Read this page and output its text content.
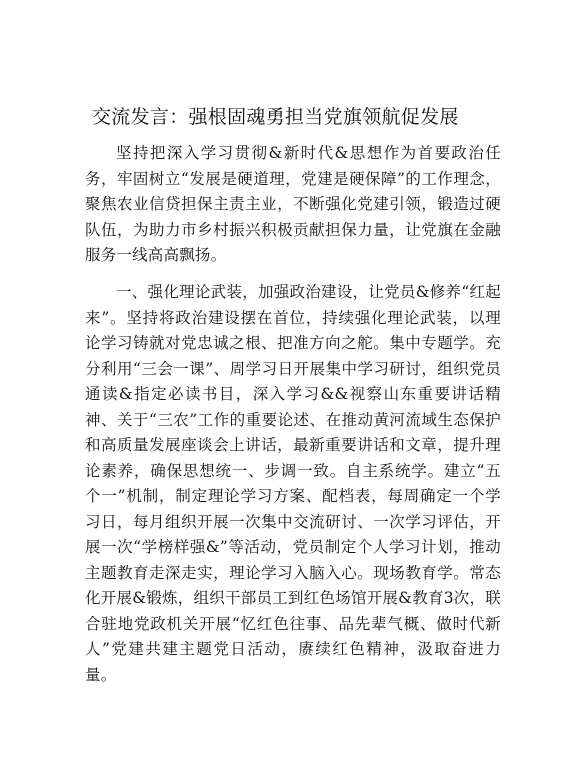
交流发言：强根固魂勇担当党旗领航促发展

坚持把深入学习贯彻&新时代&思想作为首要政治任务，牢固树立“发展是硬道理，党建是硬保障”的工作理念，聚焦农业信贷担保主责主业，不断强化党建引领，锻造过硬队伍，为助力市乡村振兴积极贡献担保力量，让党旗在金融服务一线高高飘扬。

一、强化理论武装，加强政治建设，让党员&修养“红起来”。坚持将政治建设摆在首位，持续强化理论武装，以理论学习铸就对党忠诚之根、把准方向之舵。集中专题学。充分利用“三会一课”、周学习日开展集中学习研讨，组织党员通读&指定必读书目，深入学习&&视察山东重要讲话精神、关于“三农”工作的重要论述、在推动黄河流域生态保护和高质量发展座谈会上讲话，最新重要讲话和文章，提升理论素养，确保思想统一、步调一致。自主系统学。建立“五个一”机制，制定理论学习方案、配档表，每周确定一个学习日，每月组织开展一次集中交流研讨、一次学习评估，开展一次“学榜样强&”等活动，党员制定个人学习计划，推动主题教育走深走实，理论学习入脑入心。现场教育学。常态化开展&锻炼，组织干部员工到红色场馆开展&教育3次，联合驻地党政机关开展“忆红色往事、品先辈气概、做时代新人”党建共建主题党日活动，赓续红色精神，汲取奋进力量。
